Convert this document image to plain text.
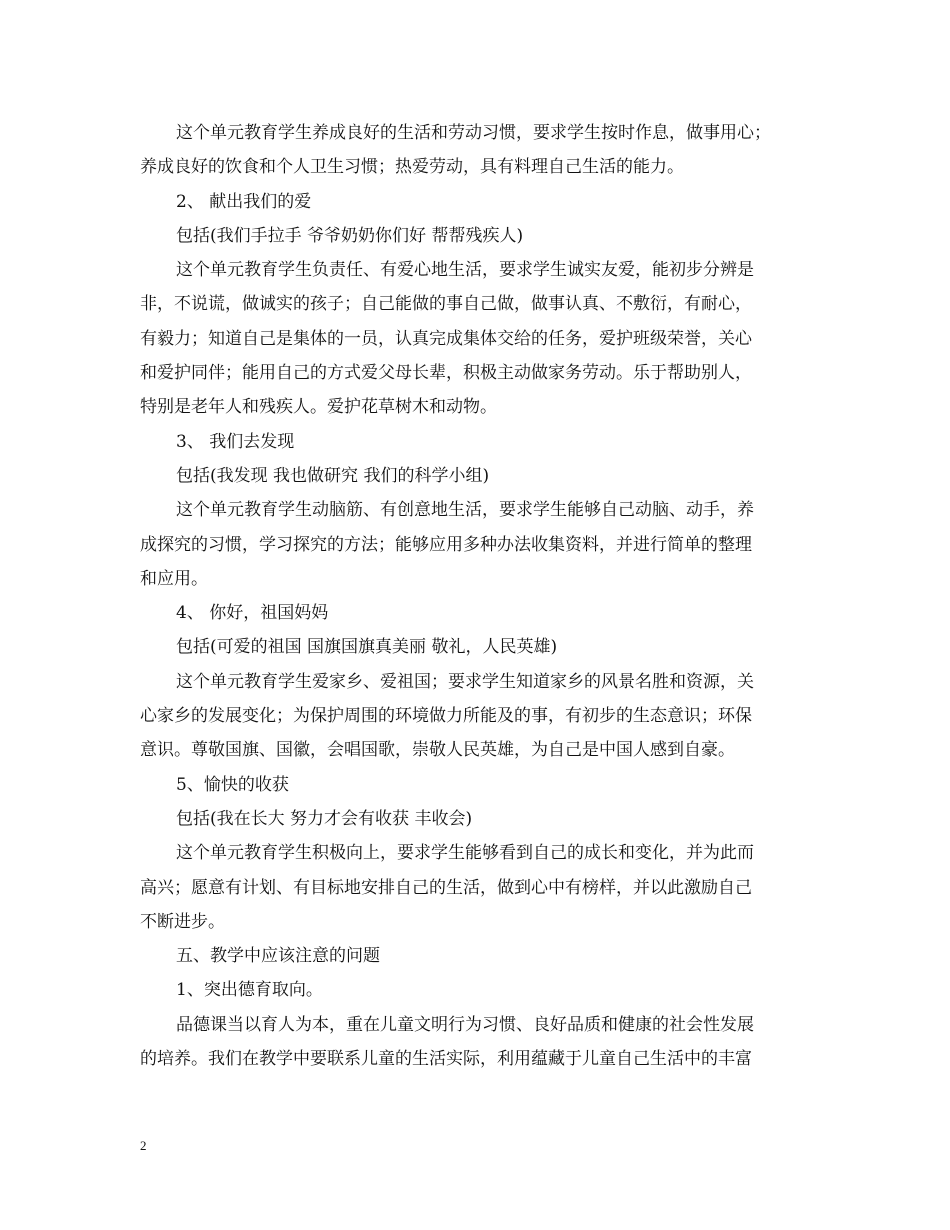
这个单元教育学生养成良好的生活和劳动习惯，要求学生按时作息，做事用心；
养成良好的饮食和个人卫生习惯；热爱劳动，具有料理自己生活的能力。
2、 献出我们的爱
包括(我们手拉手 爷爷奶奶你们好 帮帮残疾人)
这个单元教育学生负责任、有爱心地生活，要求学生诚实友爱，能初步分辨是
非，不说谎，做诚实的孩子；自己能做的事自己做，做事认真、不敷衍，有耐心，
有毅力；知道自己是集体的一员，认真完成集体交给的任务，爱护班级荣誉，关心
和爱护同伴；能用自己的方式爱父母长辈，积极主动做家务劳动。乐于帮助别人，
特别是老年人和残疾人。爱护花草树木和动物。
3、 我们去发现
包括(我发现 我也做研究 我们的科学小组)
这个单元教育学生动脑筋、有创意地生活，要求学生能够自己动脑、动手，养
成探究的习惯，学习探究的方法；能够应用多种办法收集资料，并进行简单的整理
和应用。
4、 你好，祖国妈妈
包括(可爱的祖国 国旗国旗真美丽 敬礼，人民英雄)
这个单元教育学生爱家乡、爱祖国；要求学生知道家乡的风景名胜和资源，关
心家乡的发展变化；为保护周围的环境做力所能及的事，有初步的生态意识；环保
意识。尊敬国旗、国徽，会唱国歌，崇敬人民英雄，为自己是中国人感到自豪。
5、愉快的收获
包括(我在长大 努力才会有收获 丰收会)
这个单元教育学生积极向上，要求学生能够看到自己的成长和变化，并为此而
高兴；愿意有计划、有目标地安排自己的生活，做到心中有榜样，并以此激励自己
不断进步。
五、教学中应该注意的问题
1、突出德育取向。
品德课当以育人为本，重在儿童文明行为习惯、良好品质和健康的社会性发展
的培养。我们在教学中要联系儿童的生活实际，利用蕴藏于儿童自己生活中的丰富
2
